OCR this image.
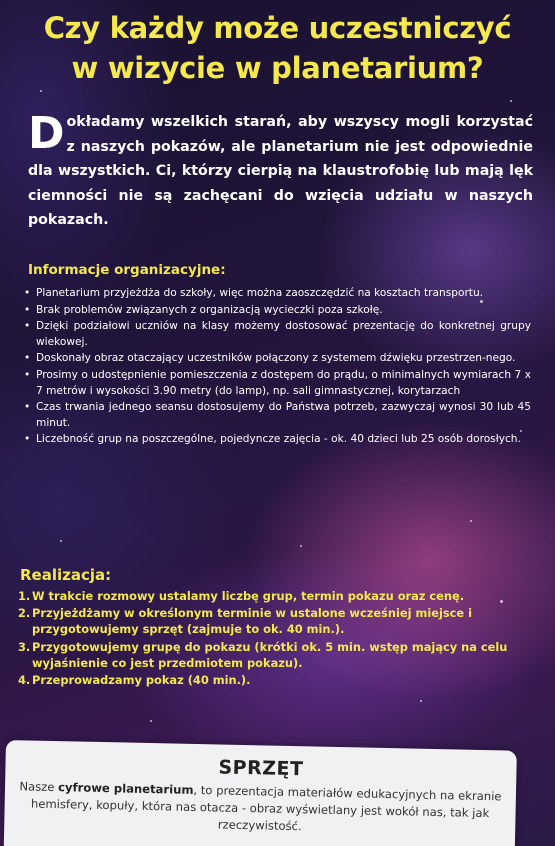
Czy każdy może uczestniczyć
w wizycie w planetarium?

Dokładamy wszelkich starań, aby wszyscy mogli korzystać z naszych pokazów, ale planetarium nie jest odpowiednie dla wszystkich. Ci, którzy cierpią na klaustrofobię lub mają lęk ciemności nie są zachęcani do wzięcia udziału w naszych pokazach.

Informacje organizacyjne:
• Planetarium przyjeżdża do szkoły, więc można zaoszczędzić na kosztach transportu.
• Brak problemów związanych z organizacją wycieczki poza szkołę.
• Dzięki podziałowi uczniów na klasy możemy dostosować prezentację do konkretnej grupy wiekowej.
• Doskonały obraz otaczający uczestników połączony z systemem dźwięku przestrzen-nego.
• Prosimy o udostępnienie pomieszczenia z dostępem do prądu, o minimalnych wymiarach 7 x 7 metrów i wysokości 3.90 metry (do lamp), np. sali gimnastycznej, korytarzach
• Czas trwania jednego seansu dostosujemy do Państwa potrzeb, zazwyczaj wynosi 30 lub 45 minut.
• Liczebność grup na poszczególne, pojedyncze zajęcia - ok. 40 dzieci lub 25 osób dorosłych.
Realizacja:
1. W trakcie rozmowy ustalamy liczbę grup, termin pokazu oraz cenę.
2. Przyjeżdżamy w określonym terminie w ustalone wcześniej miejsce i przygotowujemy sprzęt (zajmuje to ok. 40 min.).
3. Przygotowujemy grupę do pokazu (krótki ok. 5 min. wstęp mający na celu wyjaśnienie co jest przedmiotem pokazu).
4. Przeprowadzamy pokaz (40 min.).
SPRZĘT

Nasze cyfrowe planetarium, to prezentacja materiałów edukacyjnych na ekranie hemisfery, kopuły, która nas otacza - obraz wyświetlany jest wokół nas, tak jak rzeczywistość.
